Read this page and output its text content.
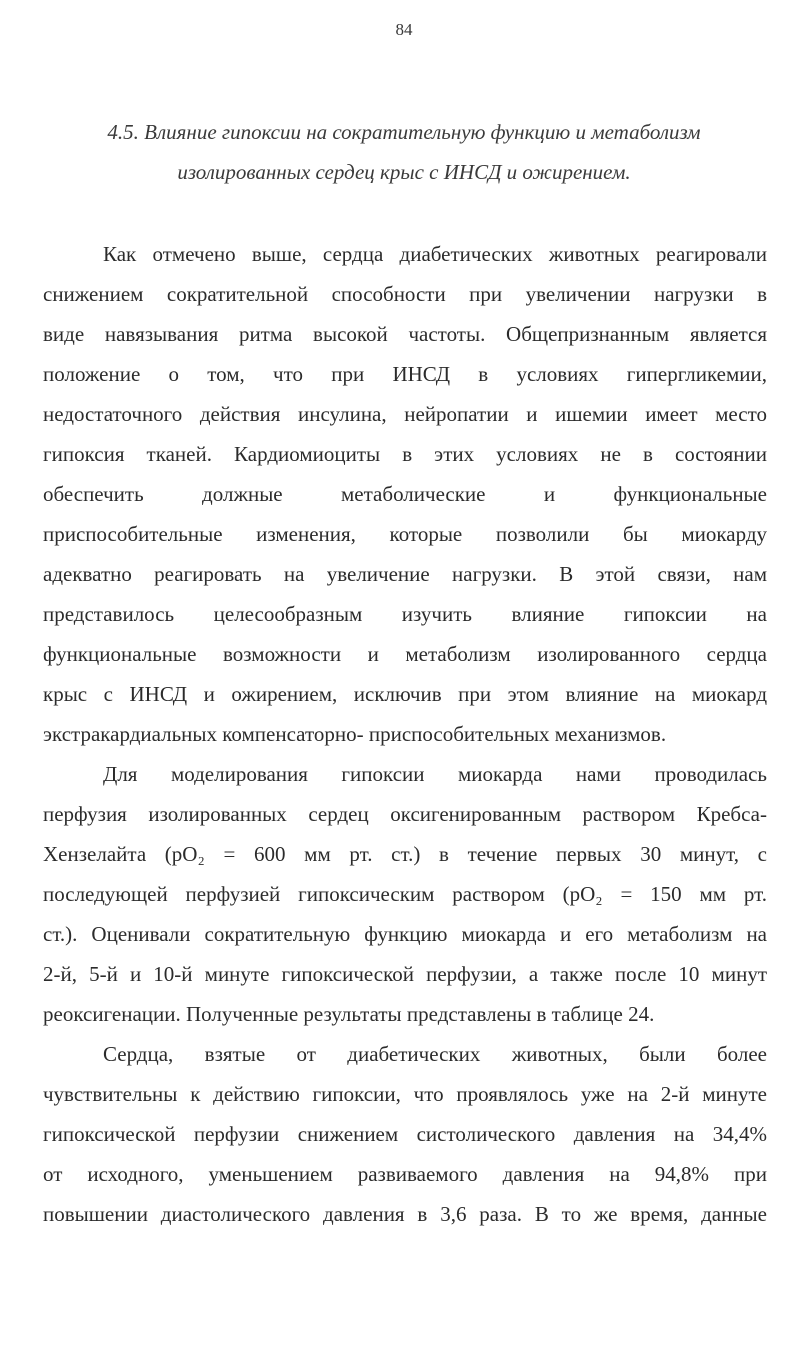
84
4.5. Влияние гипоксии на сократительную функцию и метаболизм
изолированных сердец крыс с ИНСД и ожирением.
Как отмечено выше, сердца диабетических животных реагировали
снижением сократительной способности при увеличении нагрузки в
виде навязывания ритма высокой частоты. Общепризнанным является
положение о том, что при ИНСД в условиях гипергликемии,
недостаточного действия инсулина, нейропатии и ишемии имеет место
гипоксия тканей. Кардиомиоциты в этих условиях не в состоянии
обеспечить должные метаболические и функциональные
приспособительные изменения, которые позволили бы миокарду
адекватно реагировать на увеличение нагрузки. В этой связи, нам
представилось целесообразным изучить влияние гипоксии на
функциональные возможности и метаболизм изолированного сердца
крыс с ИНСД и ожирением, исключив при этом влияние на миокард
экстракардиальных компенсаторно- приспособительных механизмов.
Для моделирования гипоксии миокарда нами проводилась
перфузия изолированных сердец оксигенированным раствором Кребса-
Хензелайта (pO₂ = 600 мм рт. ст.) в течение первых 30 минут, с
последующей перфузией гипоксическим раствором (pO₂ = 150 мм рт.
ст.). Оценивали сократительную функцию миокарда и его метаболизм на
2-й, 5-й и 10-й минуте гипоксической перфузии, а также после 10 минут
реоксигенации. Полученные результаты представлены в таблице 24.
Сердца, взятые от диабетических животных, были более
чувствительны к действию гипоксии, что проявлялось уже на 2-й минуте
гипоксической перфузии снижением систолического давления на 34,4%
от исходного, уменьшением развиваемого давления на 94,8% при
повышении диастолического давления в 3,6 раза. В то же время, данные
